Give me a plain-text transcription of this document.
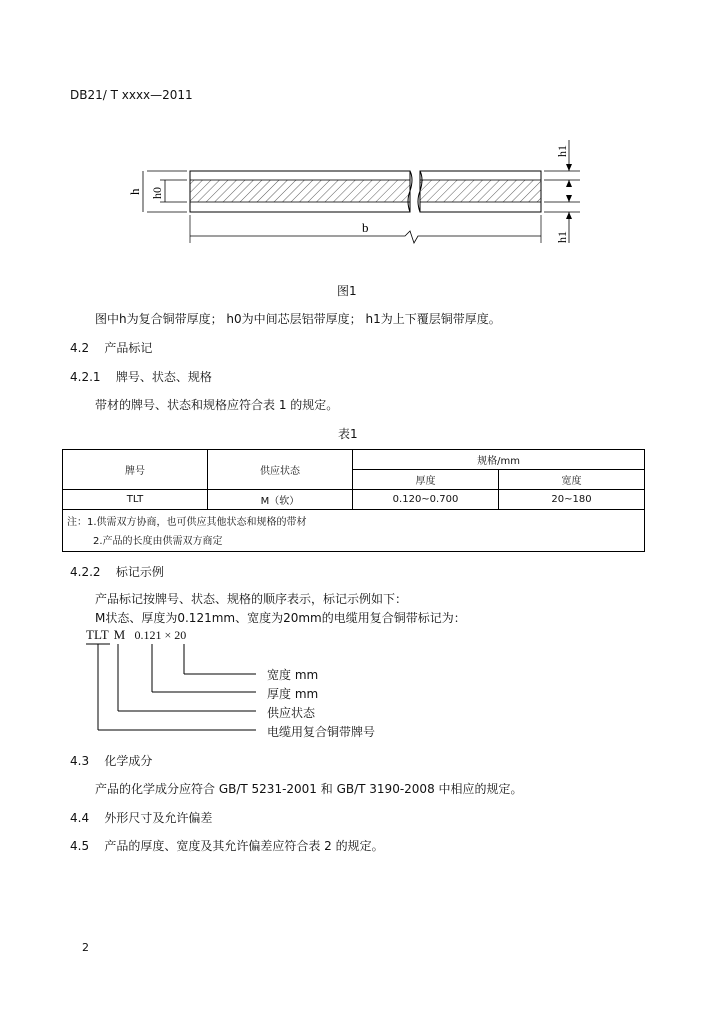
DB21/ T xxxx—2011
h h0
h1
h1
b
图1
图中h为复合铜带厚度； h0为中间芯层铝带厚度； h1为上下覆层铜带厚度。
4.2 产品标记
4.2.1 牌号、状态、规格
带材的牌号、状态和规格应符合表 1 的规定。
表1
牌号	供应状态	规格/mm	
		厚度	宽度
TLT	M（软）	0.120~0.700	20~180

注：1.供需双方协商，也可供应其他状态和规格的带材
2.产品的长度由供需双方商定			
4.2.2 标记示例
产品标记按牌号、状态、规格的顺序表示，标记示例如下：
M状态、厚度为0.121mm、宽度为20mm的电缆用复合铜带标记为：
TLT M 0.121 × 20
宽度 mm
厚度 mm
供应状态
电缆用复合铜带牌号
4.3 化学成分
产品的化学成分应符合 GB/T 5231-2001 和 GB/T 3190-2008 中相应的规定。
4.4 外形尺寸及允许偏差
4.5 产品的厚度、宽度及其允许偏差应符合表 2 的规定。
2
